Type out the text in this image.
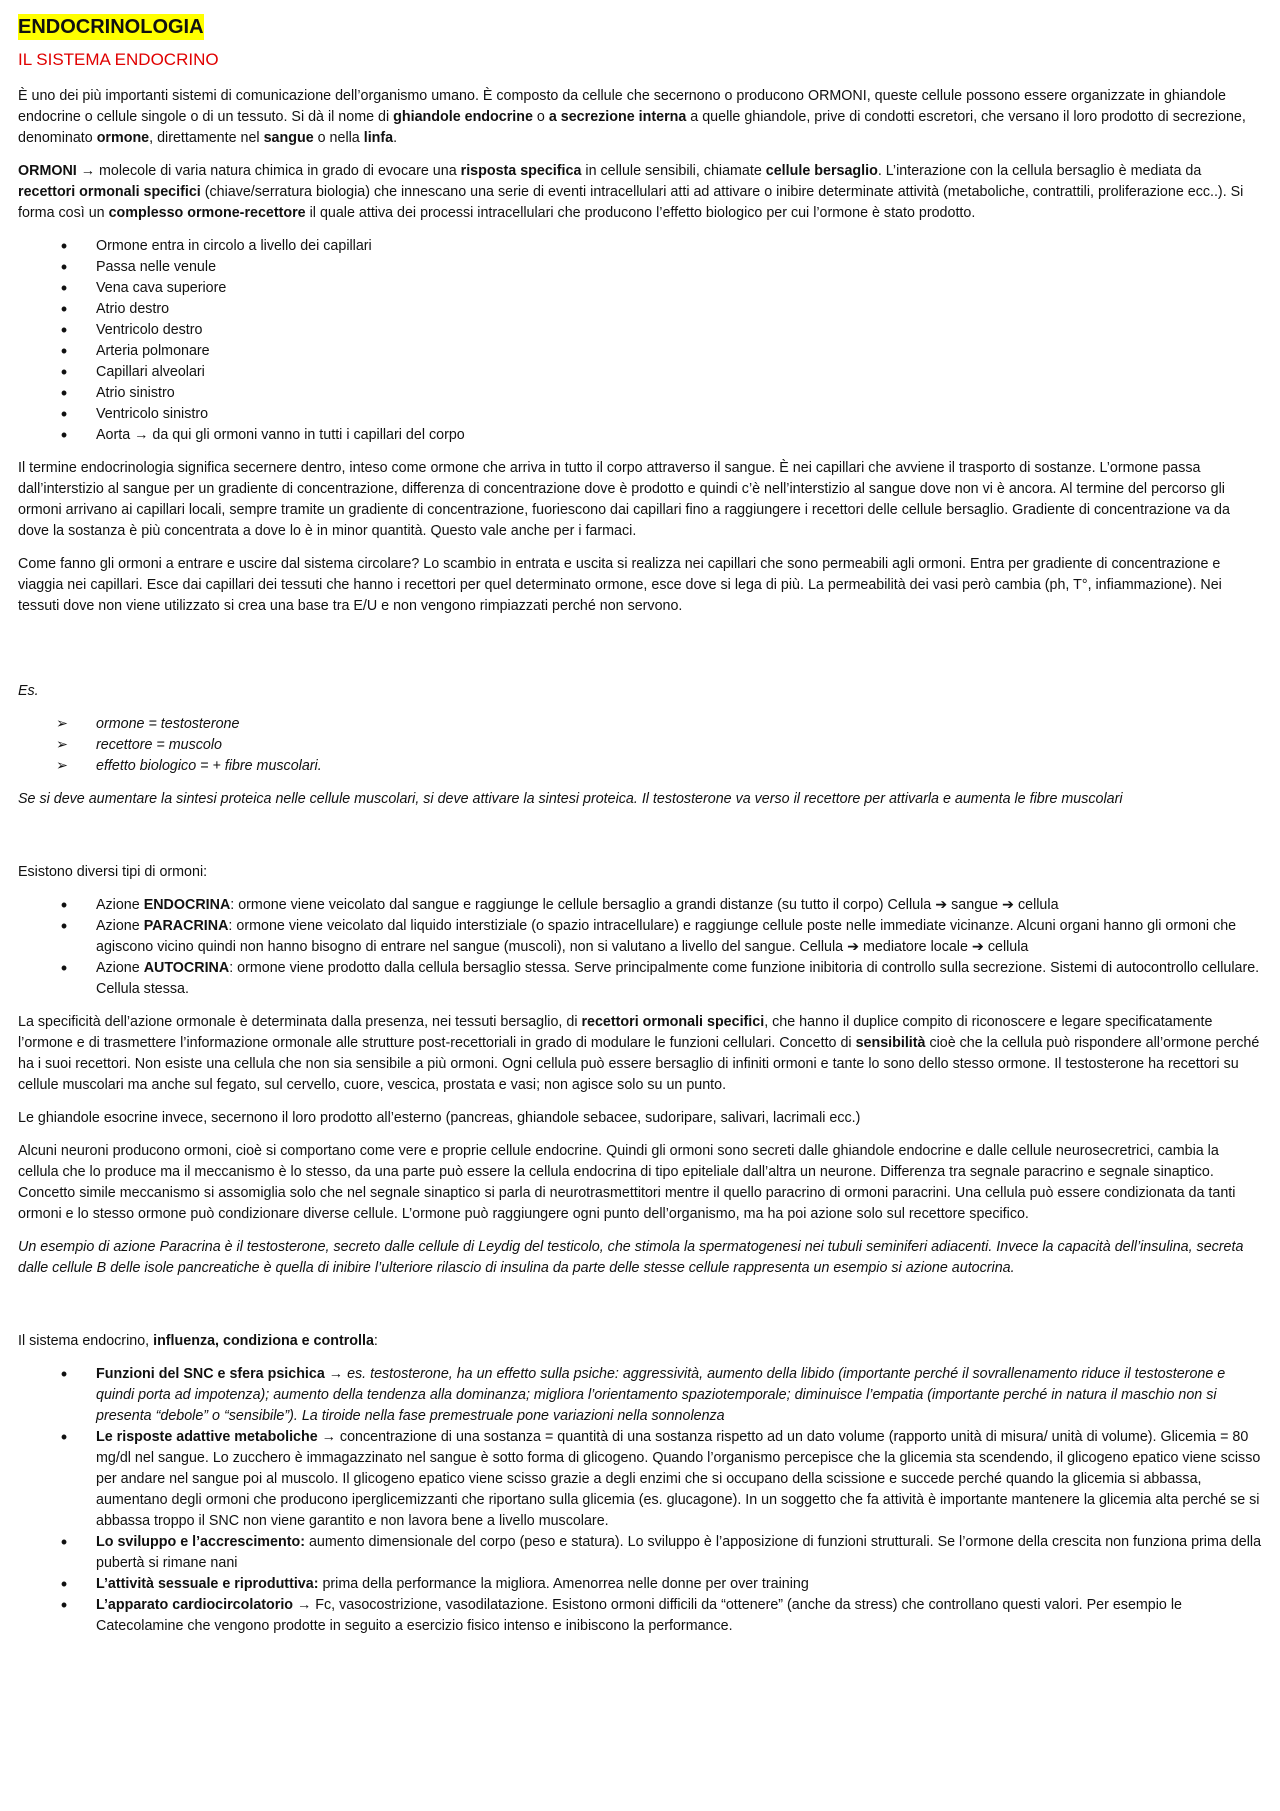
ENDOCRINOLOGIA
IL SISTEMA ENDOCRINO

È uno dei più importanti sistemi di comunicazione dell’organismo umano. È composto da cellule che secernono o producono ORMONI, queste cellule possono essere organizzate in ghiandole endocrine o cellule singole o di un tessuto. Si dà il nome di ghiandole endocrine o a secrezione interna a quelle ghiandole, prive di condotti escretori, che versano il loro prodotto di secrezione, denominato ormone, direttamente nel sangue o nella linfa.

ORMONI → molecole di varia natura chimica in grado di evocare una risposta specifica in cellule sensibili, chiamate cellule bersaglio. L’interazione con la cellula bersaglio è mediata da recettori ormonali specifici (chiave/serratura biologia) che innescano una serie di eventi intracellulari atti ad attivare o inibire determinate attività (metaboliche, contrattili, proliferazione ecc..). Si forma così un complesso ormone-recettore il quale attiva dei processi intracellulari che producono l’effetto biologico per cui l’ormone è stato prodotto.

•	Ormone entra in circolo a livello dei capillari
•	Passa nelle venule
•	Vena cava superiore
•	Atrio destro
•	Ventricolo destro
•	Arteria polmonare
•	Capillari alveolari
•	Atrio sinistro
•	Ventricolo sinistro
•	Aorta → da qui gli ormoni vanno in tutti i capillari del corpo

Il termine endocrinologia significa secernere dentro, inteso come ormone che arriva in tutto il corpo attraverso il sangue. È nei capillari che avviene il trasporto di sostanze. L’ormone passa dall’interstizio al sangue per un gradiente di concentrazione, differenza di concentrazione dove è prodotto e quindi c’è nell’interstizio al sangue dove non vi è ancora. Al termine del percorso gli ormoni arrivano ai capillari locali, sempre tramite un gradiente di concentrazione, fuoriescono dai capillari fino a raggiungere i recettori delle cellule bersaglio. Gradiente di concentrazione va da dove la sostanza è più concentrata a dove lo è in minor quantità. Questo vale anche per i farmaci.

Come fanno gli ormoni a entrare e uscire dal sistema circolare? Lo scambio in entrata e uscita si realizza nei capillari che sono permeabili agli ormoni. Entra per gradiente di concentrazione e viaggia nei capillari. Esce dai capillari dei tessuti che hanno i recettori per quel determinato ormone, esce dove si lega di più. La permeabilità dei vasi però cambia (ph, T°, infiammazione). Nei tessuti dove non viene utilizzato si crea una base tra E/U e non vengono rimpiazzati perché non servono.

Es.

➢ ormone = testosterone
➢ recettore = muscolo
➢ effetto biologico = + fibre muscolari.

Se si deve aumentare la sintesi proteica nelle cellule muscolari, si deve attivare la sintesi proteica. Il testosterone va verso il recettore per attivarla e aumenta le fibre muscolari

Esistono diversi tipi di ormoni:

•	Azione ENDOCRINA: ormone viene veicolato dal sangue e raggiunge le cellule bersaglio a grandi distanze (su tutto il corpo) Cellula ➔ sangue ➔ cellula
•	Azione PARACRINA: ormone viene veicolato dal liquido interstiziale (o spazio intracellulare) e raggiunge cellule poste nelle immediate vicinanze. Alcuni organi hanno gli ormoni che agiscono vicino quindi non hanno bisogno di entrare nel sangue (muscoli), non si valutano a livello del sangue. Cellula ➔ mediatore locale ➔ cellula
•	Azione AUTOCRINA: ormone viene prodotto dalla cellula bersaglio stessa. Serve principalmente come funzione inibitoria di controllo sulla secrezione. Sistemi di autocontrollo cellulare. Cellula stessa.

La specificità dell’azione ormonale è determinata dalla presenza, nei tessuti bersaglio, di recettori ormonali specifici, che hanno il duplice compito di riconoscere e legare specificatamente l’ormone e di trasmettere l’informazione ormonale alle strutture post-recettoriali in grado di modulare le funzioni cellulari. Concetto di sensibilità cioè che la cellula può rispondere all’ormone perché ha i suoi recettori. Non esiste una cellula che non sia sensibile a più ormoni. Ogni cellula può essere bersaglio di infiniti ormoni e tante lo sono dello stesso ormone. Il testosterone ha recettori su cellule muscolari ma anche sul fegato, sul cervello, cuore, vescica, prostata e vasi; non agisce solo su un punto.

Le ghiandole esocrine invece, secernono il loro prodotto all’esterno (pancreas, ghiandole sebacee, sudoripare, salivari, lacrimali ecc.)

Alcuni neuroni producono ormoni, cioè si comportano come vere e proprie cellule endocrine. Quindi gli ormoni sono secreti dalle ghiandole endocrine e dalle cellule neurosecretrici, cambia la cellula che lo produce ma il meccanismo è lo stesso, da una parte può essere la cellula endocrina di tipo epiteliale dall’altra un neurone. Differenza tra segnale paracrino e segnale sinaptico. Concetto simile meccanismo si assomiglia solo che nel segnale sinaptico si parla di neurotrasmettitori mentre il quello paracrino di ormoni paracrini. Una cellula può essere condizionata da tanti ormoni e lo stesso ormone può condizionare diverse cellule. L’ormone può raggiungere ogni punto dell’organismo, ma ha poi azione solo sul recettore specifico.

Un esempio di azione Paracrina è il testosterone, secreto dalle cellule di Leydig del testicolo, che stimola la spermatogenesi nei tubuli seminiferi adiacenti. Invece la capacità dell’insulina, secreta dalle cellule B delle isole pancreatiche è quella di inibire l’ulteriore rilascio di insulina da parte delle stesse cellule rappresenta un esempio si azione autocrina.

Il sistema endocrino, influenza, condiziona e controlla:

•	Funzioni del SNC e sfera psichica → es. testosterone, ha un effetto sulla psiche: aggressività, aumento della libido (importante perché il sovrallenamento riduce il testosterone e quindi porta ad impotenza); aumento della tendenza alla dominanza; migliora l’orientamento spaziotemporale; diminuisce l’empatia (importante perché in natura il maschio non si presenta “debole” o “sensibile”). La tiroide nella fase premestruale pone variazioni nella sonnolenza
•	Le risposte adattive metaboliche → concentrazione di una sostanza = quantità di una sostanza rispetto ad un dato volume (rapporto unità di misura/ unità di volume). Glicemia = 80 mg/dl nel sangue. Lo zucchero è immagazzinato nel sangue è sotto forma di glicogeno. Quando l’organismo percepisce che la glicemia sta scendendo, il glicogeno epatico viene scisso per andare nel sangue poi al muscolo. Il glicogeno epatico viene scisso grazie a degli enzimi che si occupano della scissione e succede perché quando la glicemia si abbassa, aumentano degli ormoni che producono iperglicemizzanti che riportano sulla glicemia (es. glucagone). In un soggetto che fa attività è importante mantenere la glicemia alta perché se si abbassa troppo il SNC non viene garantito e non lavora bene a livello muscolare.
•	Lo sviluppo e l’accrescimento: aumento dimensionale del corpo (peso e statura). Lo sviluppo è l’apposizione di funzioni strutturali. Se l’ormone della crescita non funziona prima della pubertà si rimane nani
•	L’attività sessuale e riproduttiva: prima della performance la migliora. Amenorrea nelle donne per over training
•	L’apparato cardiocircolatorio → Fc, vasocostrizione, vasodilatazione. Esistono ormoni difficili da “ottenere” (anche da stress) che controllano questi valori. Per esempio le Catecolamine che vengono prodotte in seguito a esercizio fisico intenso e inibiscono la performance.
